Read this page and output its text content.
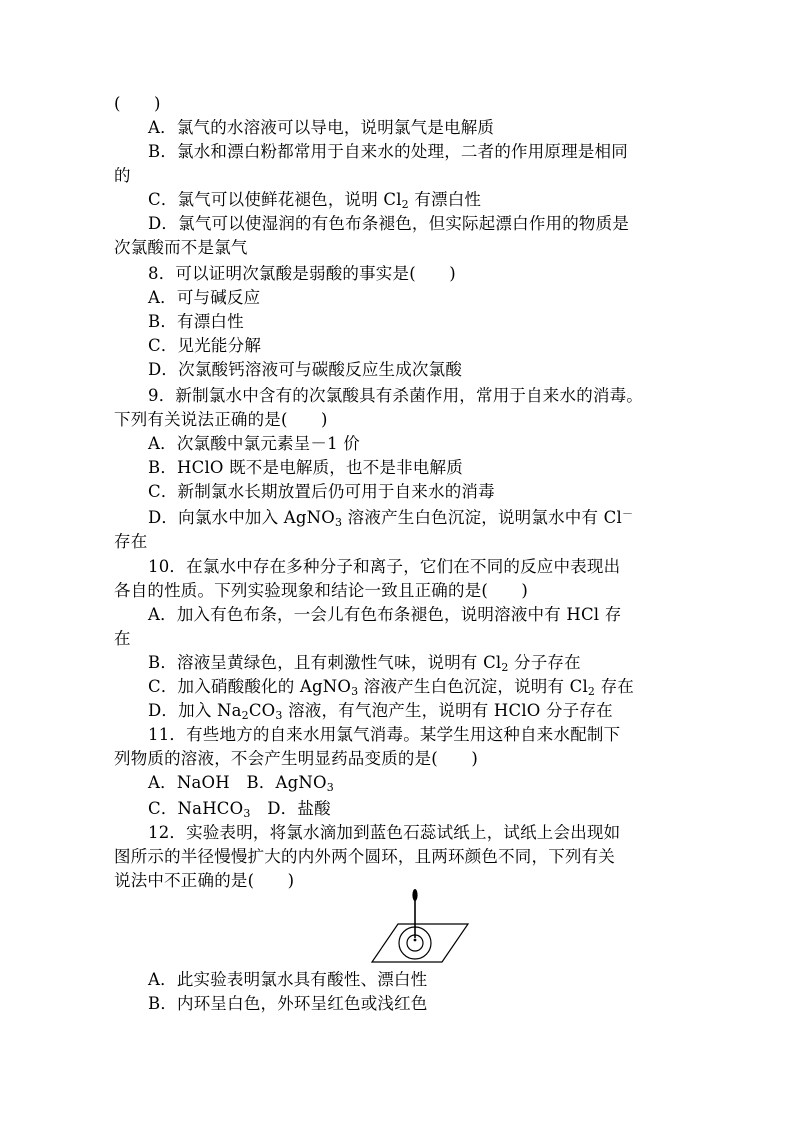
(　　)
A．氯气的水溶液可以导电，说明氯气是电解质
B．氯水和漂白粉都常用于自来水的处理，二者的作用原理是相同
的
C．氯气可以使鲜花褪色，说明 $Cl_2$ 有漂白性
D．氯气可以使湿润的有色布条褪色，但实际起漂白作用的物质是
次氯酸而不是氯气
8．可以证明次氯酸是弱酸的事实是(　　)
A．可与碱反应
B．有漂白性
C．见光能分解
D．次氯酸钙溶液可与碳酸反应生成次氯酸
9．新制氯水中含有的次氯酸具有杀菌作用，常用于自来水的消毒。
下列有关说法正确的是(　　)
A．次氯酸中氯元素呈－1 价
B．HClO 既不是电解质，也不是非电解质
C．新制氯水长期放置后仍可用于自来水的消毒
D．向氯水中加入 AgNO$_3$ 溶液产生白色沉淀，说明氯水中有 Cl－
存在
10．在氯水中存在多种分子和离子，它们在不同的反应中表现出
各自的性质。下列实验现象和结论一致且正确的是(　　)
A．加入有色布条，一会儿有色布条褪色，说明溶液中有 HCl 存
在
B．溶液呈黄绿色，且有刺激性气味，说明有 $Cl_2$ 分子存在
C．加入硝酸酸化的 AgNO$_3$ 溶液产生白色沉淀，说明有 $Cl_2$ 存在
D．加入 $Na_2CO_3$ 溶液，有气泡产生，说明有 HClO 分子存在
11．有些地方的自来水用氯气消毒。某学生用这种自来水配制下
列物质的溶液，不会产生明显药品变质的是(　　)
A．NaOH　B．AgNO$_3$
C．NaHCO$_3$　D．盐酸
12．实验表明，将氯水滴加到蓝色石蕊试纸上，试纸上会出现如
图所示的半径慢慢扩大的内外两个圆环，且两环颜色不同，下列有关
说法中不正确的是(　　)
A．此实验表明氯水具有酸性、漂白性
B．内环呈白色，外环呈红色或浅红色
